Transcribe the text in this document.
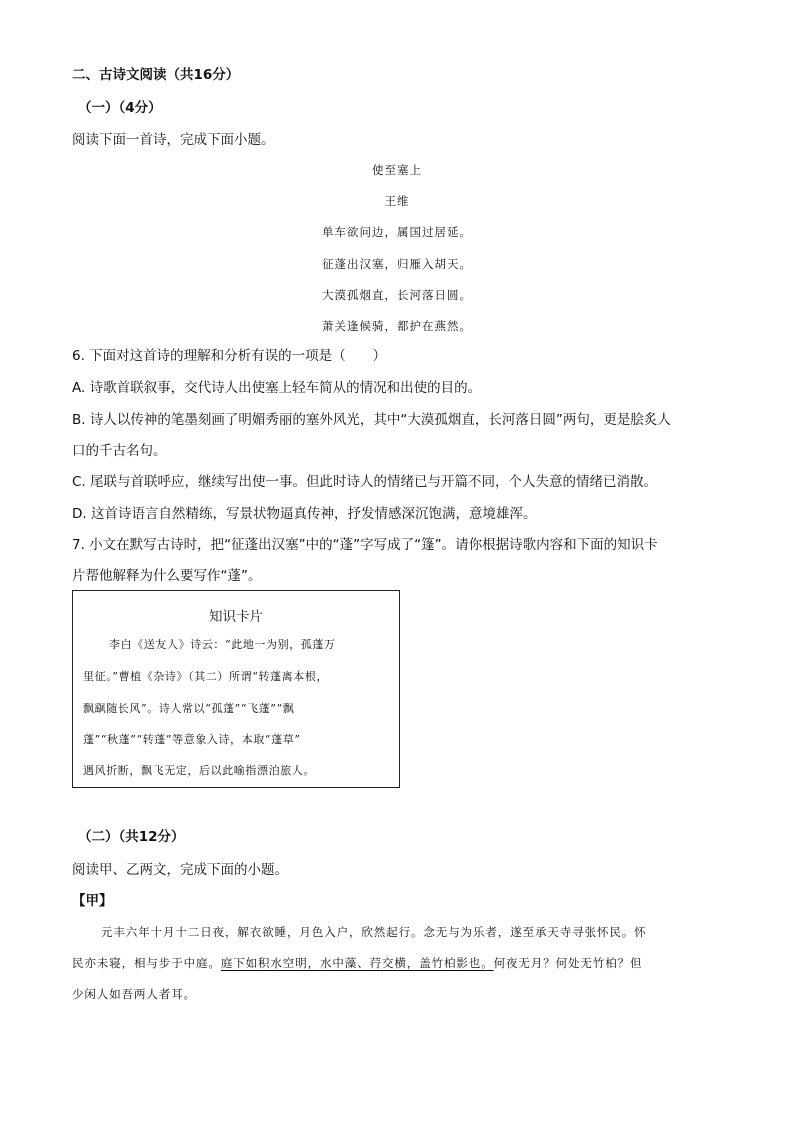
二、古诗文阅读（共16分）
（一）（4分）
阅读下面一首诗，完成下面小题。
使至塞上
王维
单车欲问边，属国过居延。
征蓬出汉塞，归雁入胡天。
大漠孤烟直，长河落日圆。
萧关逢候骑，都护在燕然。
6. 下面对这首诗的理解和分析有误的一项是（　　）
A. 诗歌首联叙事，交代诗人出使塞上轻车简从的情况和出使的目的。
B. 诗人以传神的笔墨刻画了明媚秀丽的塞外风光，其中“大漠孤烟直，长河落日圆”两句，更是脍炙人
口的千古名句。
C. 尾联与首联呼应，继续写出使一事。但此时诗人的情绪已与开篇不同，个人失意的情绪已消散。
D. 这首诗语言自然精练，写景状物逼真传神，抒发情感深沉饱满，意境雄浑。
7. 小文在默写古诗时，把“征蓬出汉塞”中的“蓬”字写成了“篷”。请你根据诗歌内容和下面的知识卡
片帮他解释为什么要写作“蓬”。
知识卡片
李白《送友人》诗云：“此地一为别，孤蓬万
里征。”曹植《杂诗》（其二）所谓“转蓬离本根，
飘飖随长风”。诗人常以“孤蓬”“飞蓬”“飘
蓬”“秋蓬”“转蓬”等意象入诗，本取“蓬草”
遇风折断，飘飞无定，后以此喻指漂泊旅人。
（二）（共12分）
阅读甲、乙两文，完成下面的小题。
【甲】
元丰六年十月十二日夜，解衣欲睡，月色入户，欣然起行。念无与为乐者，遂至承天寺寻张怀民。怀
民亦未寝，相与步于中庭。庭下如积水空明，水中藻、荇交横，盖竹柏影也。何夜无月？何处无竹柏？但
少闲人如吾两人者耳。
